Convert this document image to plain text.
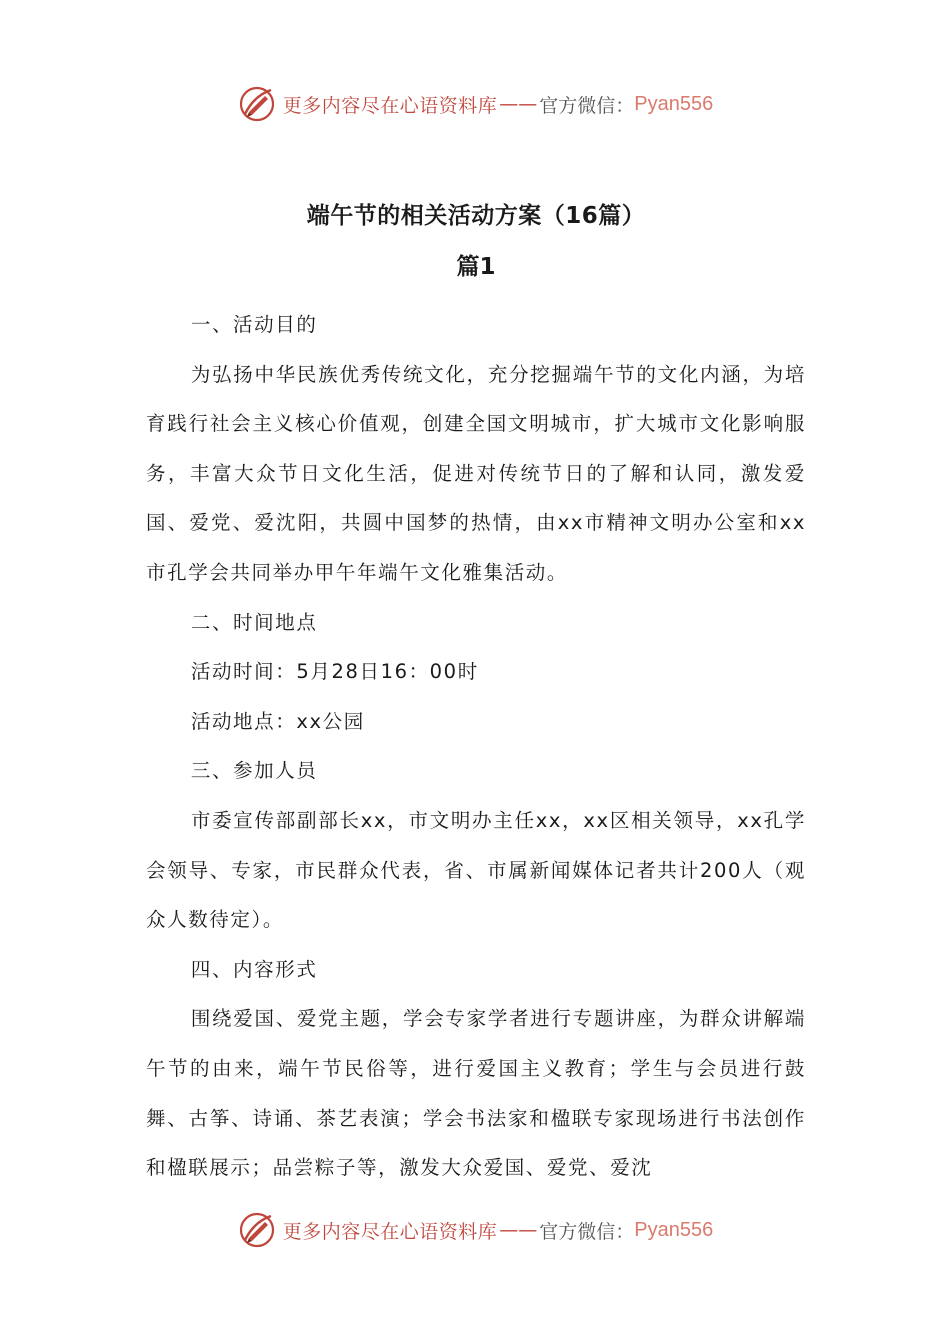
更多内容尽在心语资料库 —— 官方微信： Pyan556
端午节的相关活动方案（16篇）
篇1

一、活动目的

为弘扬中华民族优秀传统文化，充分挖掘端午节的文化内涵，为培育践行社会主义核心价值观，创建全国文明城市，扩大城市文化影响服务，丰富大众节日文化生活，促进对传统节日的了解和认同，激发爱国、爱党、爱沈阳，共圆中国梦的热情，由xx市精神文明办公室和xx市孔学会共同举办甲午年端午文化雅集活动。

二、时间地点

活动时间：5月28日16：00时

活动地点：xx公园

三、参加人员

市委宣传部副部长xx，市文明办主任xx，xx区相关领导，xx孔学会领导、专家，市民群众代表，省、市属新闻媒体记者共计200人（观众人数待定）。

四、内容形式

围绕爱国、爱党主题，学会专家学者进行专题讲座，为群众讲解端午节的由来，端午节民俗等，进行爱国主义教育；学生与会员进行鼓舞、古筝、诗诵、茶艺表演；学会书法家和楹联专家现场进行书法创作和楹联展示；品尝粽子等，激发大众爱国、爱党、爱沈

更多内容尽在心语资料库 —— 官方微信： Pyan556
